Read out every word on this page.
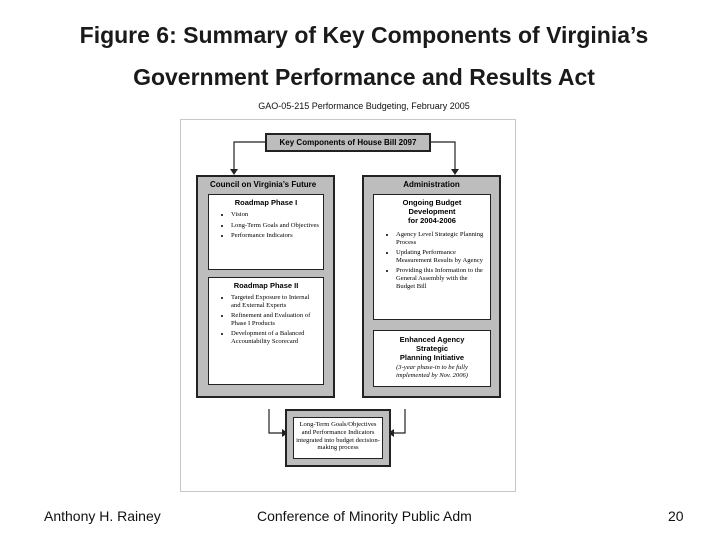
Figure 6: Summary of Key Components of Virginia’s
Government Performance and Results Act
GAO-05-215 Performance Budgeting, February 2005
Key Components of House Bill 2097
Council on Virginia’s Future
Roadmap Phase I
• Vision
• Long-Term Goals and Objectives
• Performance Indicators
Roadmap Phase II
• Targeted Exposure to Internal and External Experts
• Refinement and Evaluation of Phase I Products
• Development of a Balanced Accountability Scorecard
Administration
Ongoing Budget
Development
for 2004-2006
• Agency Level Strategic Planning Process
• Updating Performance Measurement Results by Agency
• Providing this Information to the General Assembly with the Budget Bill
Enhanced Agency
Strategic
Planning Initiative
(3-year phase-in to be fully
implemented by Nov. 2006)
Long-Term Goals/Objectives and Performance Indicators integrated into budget decision-making process
Anthony H. Rainey	Conference of Minority Public Adm	20
